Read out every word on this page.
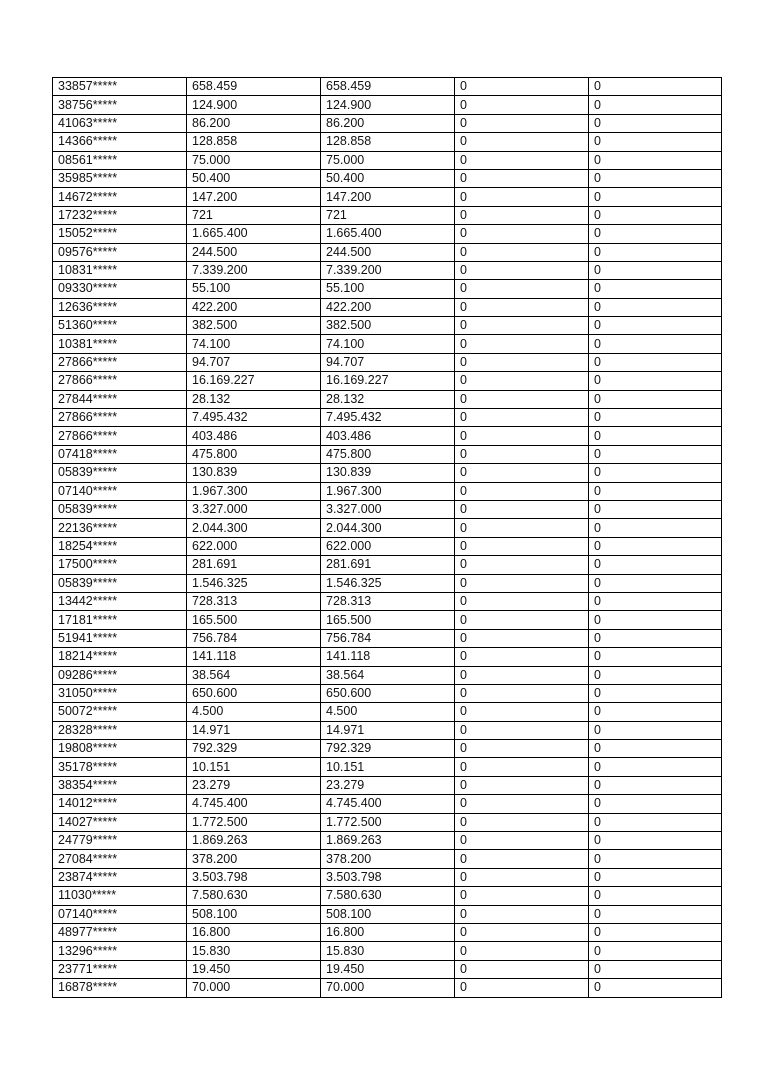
33857*****	658.459	658.459	0	0
38756*****	124.900	124.900	0	0
41063*****	86.200	86.200	0	0
14366*****	128.858	128.858	0	0
08561*****	75.000	75.000	0	0
35985*****	50.400	50.400	0	0
14672*****	147.200	147.200	0	0
17232*****	721	721	0	0
15052*****	1.665.400	1.665.400	0	0
09576*****	244.500	244.500	0	0
10831*****	7.339.200	7.339.200	0	0
09330*****	55.100	55.100	0	0
12636*****	422.200	422.200	0	0
51360*****	382.500	382.500	0	0
10381*****	74.100	74.100	0	0
27866*****	94.707	94.707	0	0
27866*****	16.169.227	16.169.227	0	0
27844*****	28.132	28.132	0	0
27866*****	7.495.432	7.495.432	0	0
27866*****	403.486	403.486	0	0
07418*****	475.800	475.800	0	0
05839*****	130.839	130.839	0	0
07140*****	1.967.300	1.967.300	0	0
05839*****	3.327.000	3.327.000	0	0
22136*****	2.044.300	2.044.300	0	0
18254*****	622.000	622.000	0	0
17500*****	281.691	281.691	0	0
05839*****	1.546.325	1.546.325	0	0
13442*****	728.313	728.313	0	0
17181*****	165.500	165.500	0	0
51941*****	756.784	756.784	0	0
18214*****	141.118	141.118	0	0
09286*****	38.564	38.564	0	0
31050*****	650.600	650.600	0	0
50072*****	4.500	4.500	0	0
28328*****	14.971	14.971	0	0
19808*****	792.329	792.329	0	0
35178*****	10.151	10.151	0	0
38354*****	23.279	23.279	0	0
14012*****	4.745.400	4.745.400	0	0
14027*****	1.772.500	1.772.500	0	0
24779*****	1.869.263	1.869.263	0	0
27084*****	378.200	378.200	0	0
23874*****	3.503.798	3.503.798	0	0
11030*****	7.580.630	7.580.630	0	0
07140*****	508.100	508.100	0	0
48977*****	16.800	16.800	0	0
13296*****	15.830	15.830	0	0
23771*****	19.450	19.450	0	0
16878*****	70.000	70.000	0	0
